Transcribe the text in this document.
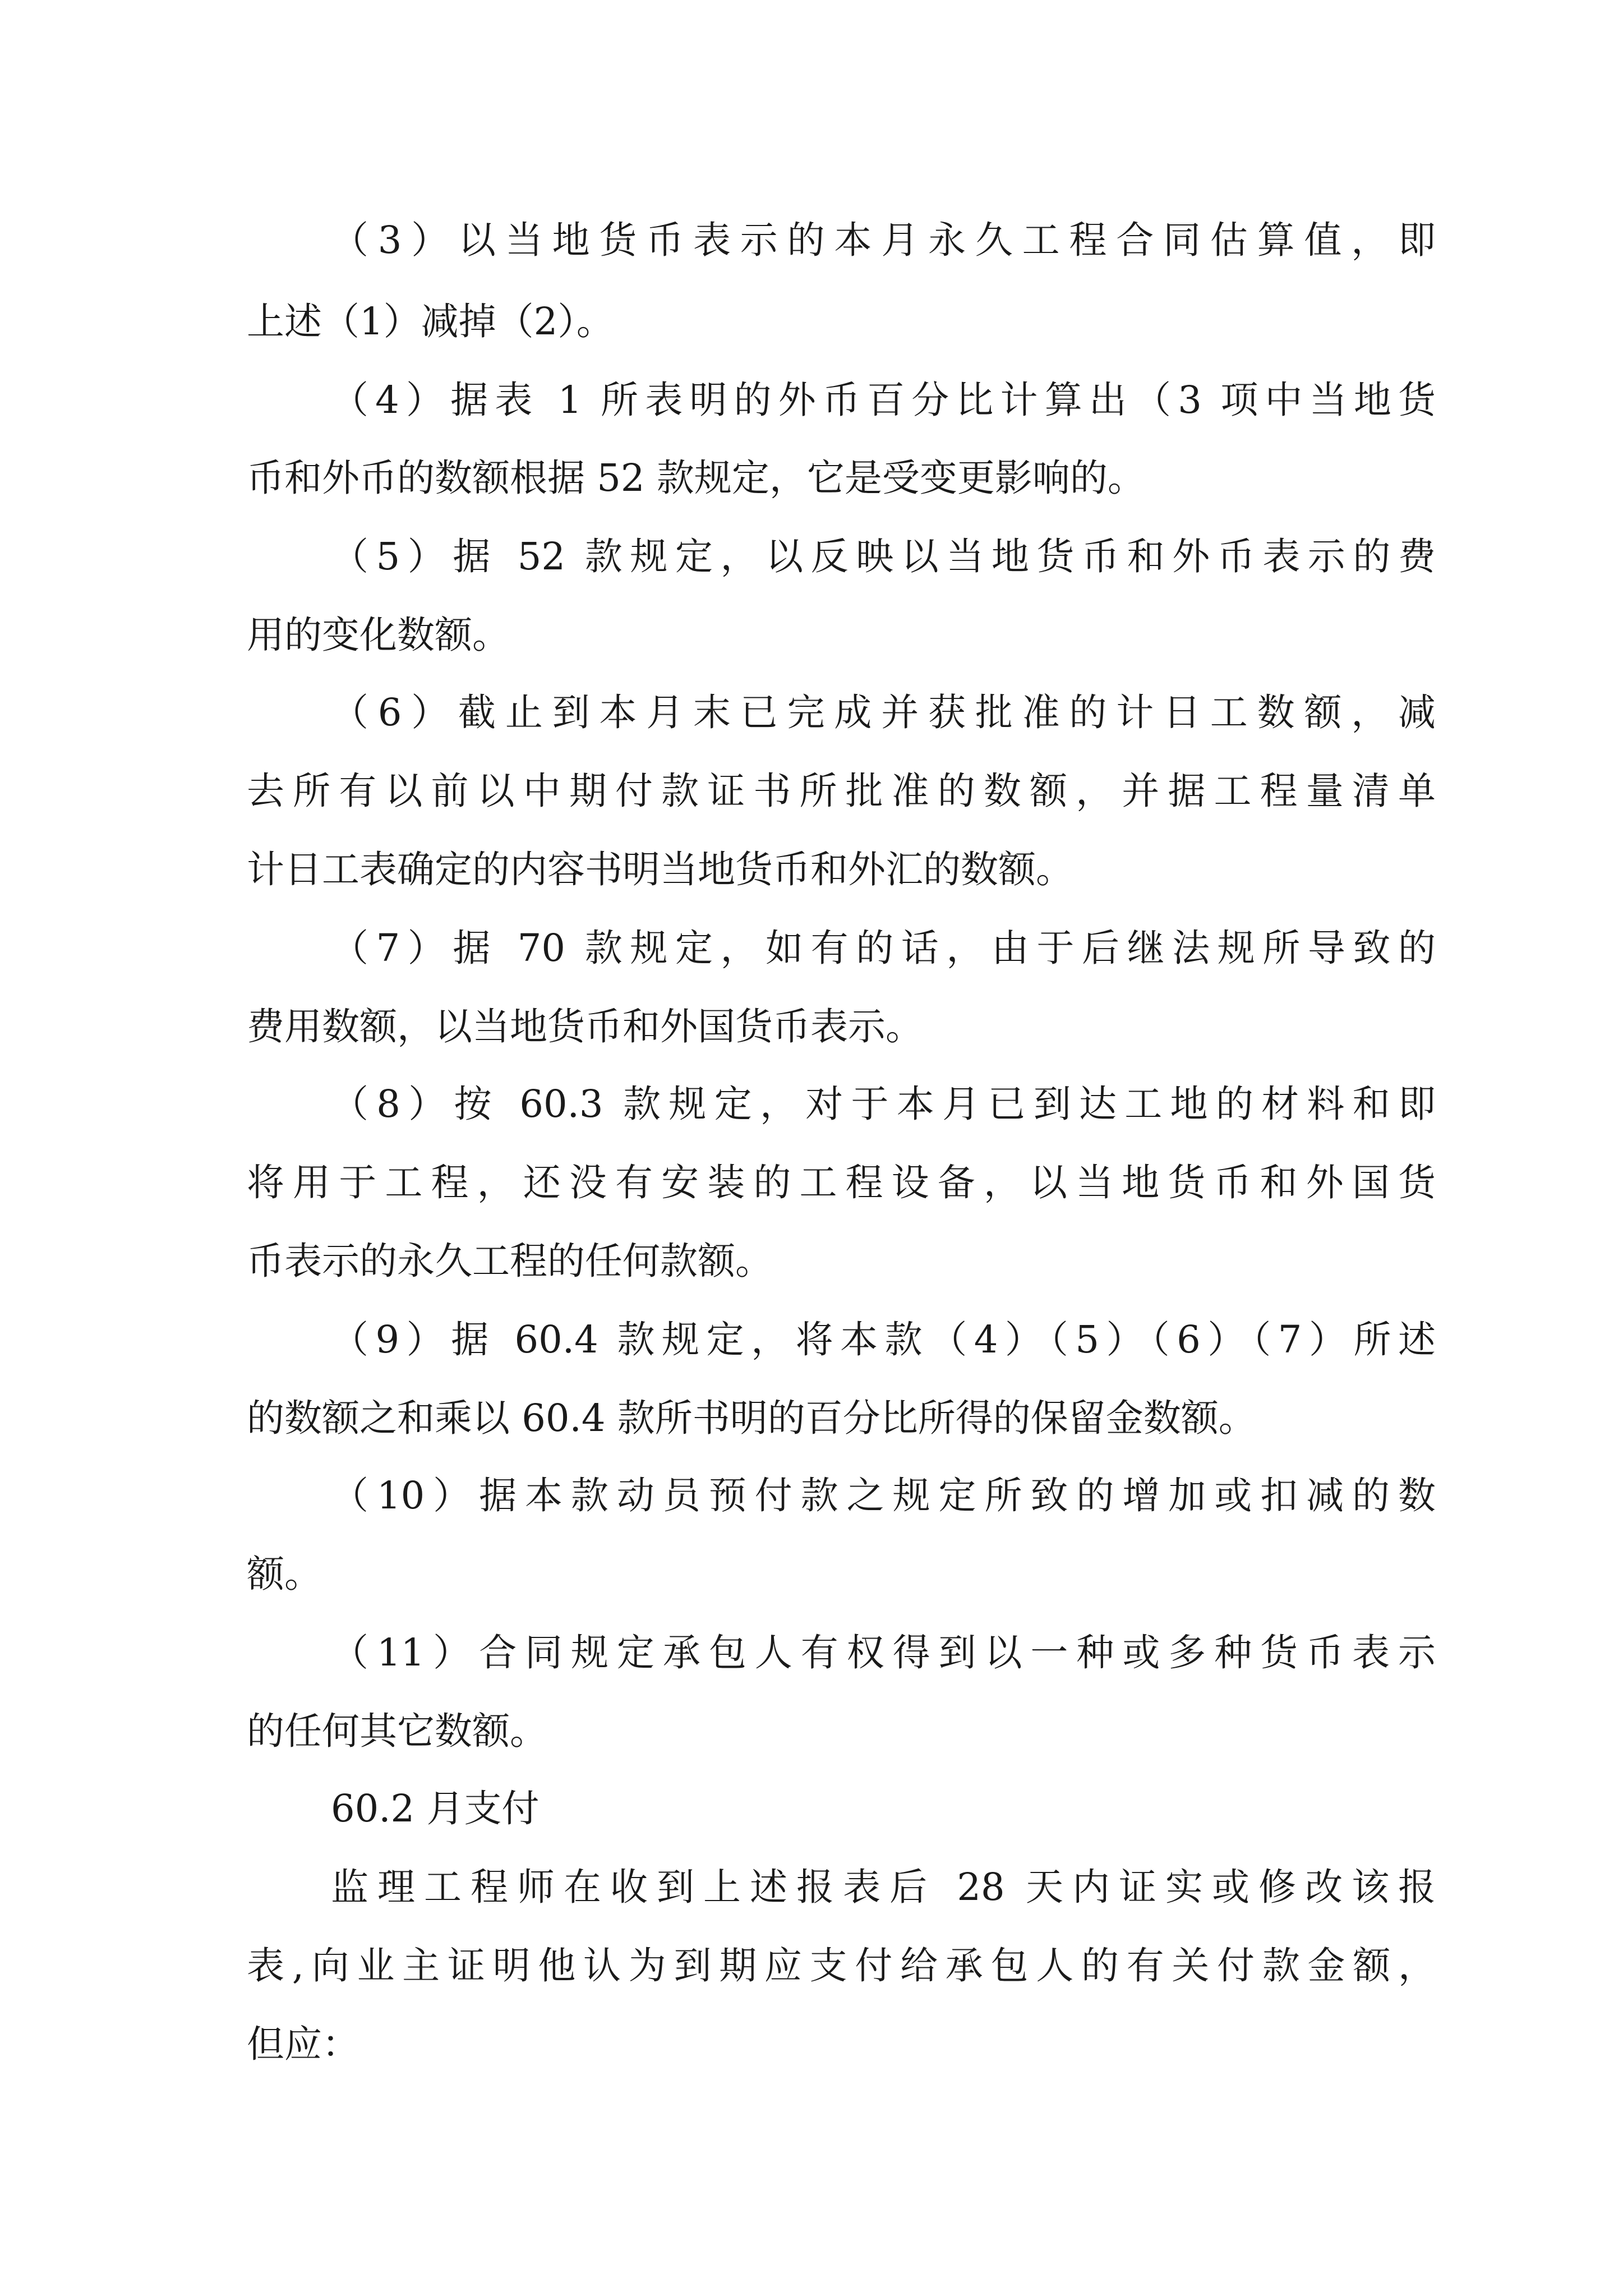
（3）以当地货币表示的本月永久工程合同估算值，即
上述（1）减掉（2）。
（4）据表 1 所表明的外币百分比计算出（3 项中当地货
币和外币的数额根据 52 款规定，它是受变更影响的。
（5）据 52 款规定，以反映以当地货币和外币表示的费
用的变化数额。
（6）截止到本月末已完成并获批准的计日工数额，减
去所有以前以中期付款证书所批准的数额，并据工程量清单
计日工表确定的内容书明当地货币和外汇的数额。
（7）据 70 款规定，如有的话，由于后继法规所导致的
费用数额，以当地货币和外国货币表示。
（8）按 60.3 款规定，对于本月已到达工地的材料和即
将用于工程，还没有安装的工程设备，以当地货币和外国货
币表示的永久工程的任何款额。
（9）据 60.4 款规定，将本款（4）（5）（6）（7）所述
的数额之和乘以 60.4 款所书明的百分比所得的保留金数额。
（10）据本款动员预付款之规定所致的增加或扣减的数
额。
（11）合同规定承包人有权得到以一种或多种货币表示
的任何其它数额。
60.2 月支付
监理工程师在收到上述报表后 28 天内证实或修改该报
表,向业主证明他认为到期应支付给承包人的有关付款金额，
但应：
